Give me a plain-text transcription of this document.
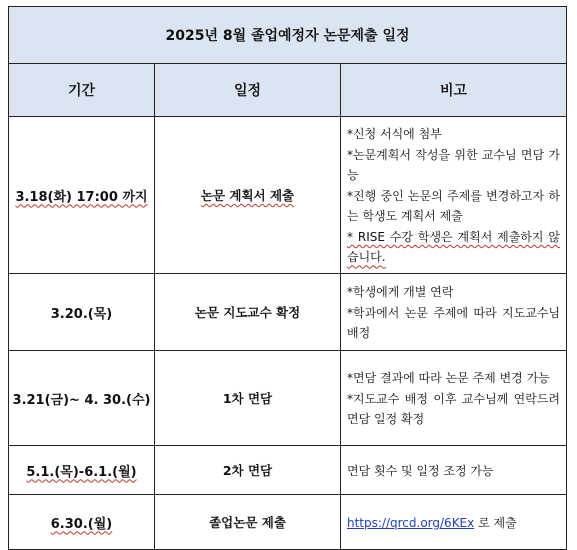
2025년 8월 졸업예정자 논문제출 일정		
기간	일정	비고
3.18(화) 17:00 까지	논문 계획서 제출	*신청 서식에 첨부
*논문계획서 작성을 위한 교수님 면담 가능
*진행 중인 논문의 주제를 변경하고자 하는 학생도 계획서 제출
* RISE 수강 학생은 계획서 제출하지 않습니다.

3.20.(목)	논문 지도교수 확정	*학생에게 개별 연락
*학과에서 논문 주제에 따라 지도교수님 배정

3.21(금)~ 4. 30.(수)	1차 면담	*면담 결과에 따라 논문 주제 변경 가능
*지도교수 배정 이후 교수님께 연락드려 면담 일정 확정

5.1.(목)-6.1.(월)	2차 면담	면담 횟수 및 일정 조정 가능

6.30.(월)	졸업논문 제출	https://qrcd.org/6KEx 로 제출
